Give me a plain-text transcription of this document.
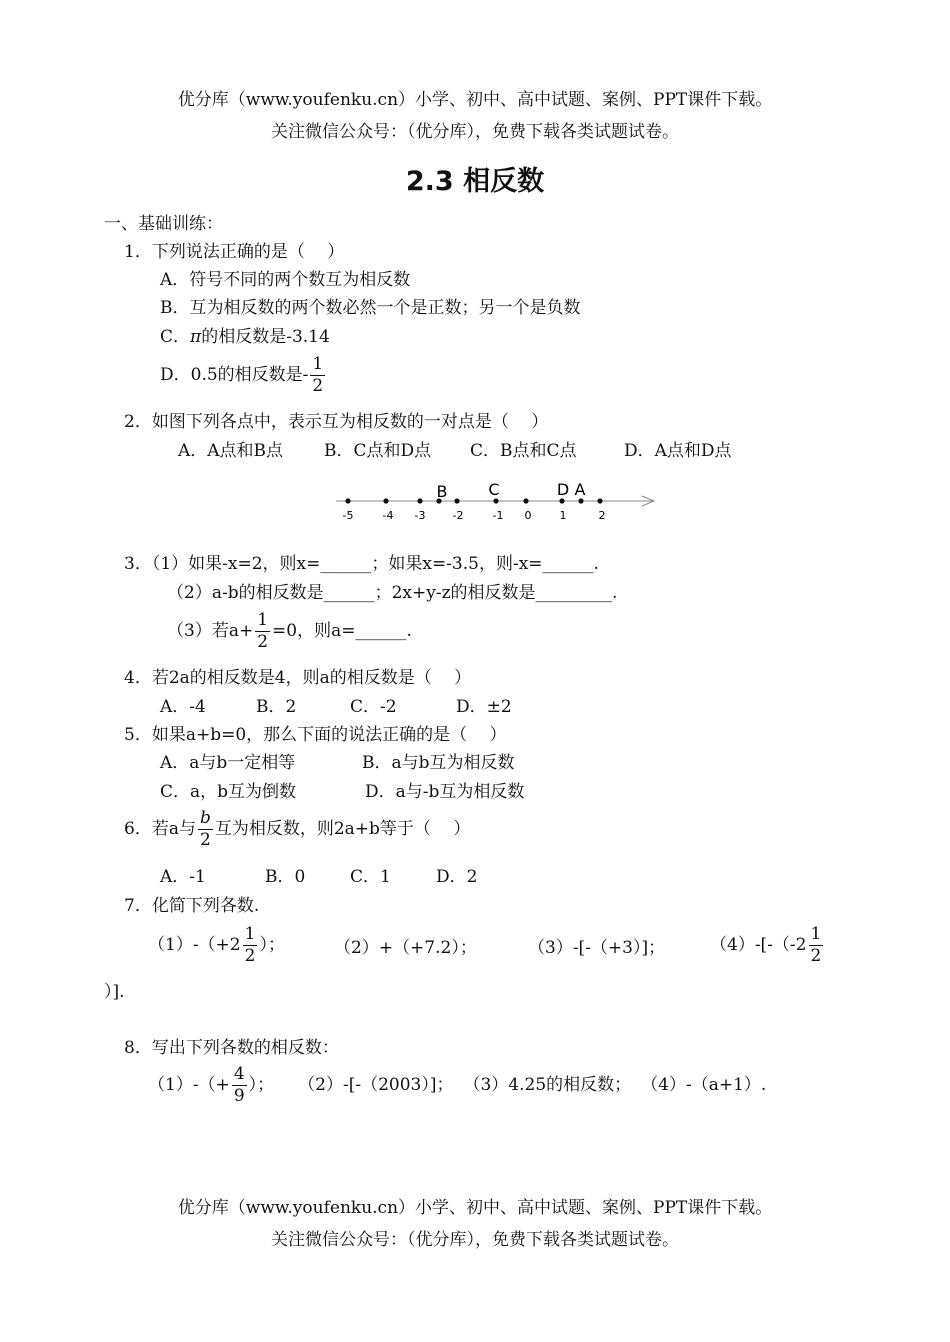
优分库（www.youfenku.cn）小学、初中、高中试题、案例、PPT课件下载。
关注微信公众号：（优分库），免费下载各类试题试卷。
2.3 相反数
一、基础训练：
1．下列说法正确的是（　 ）
A．符号不同的两个数互为相反数
B．互为相反数的两个数必然一个是正数；另一个是负数
C．π的相反数是-3.14
D．0.5的相反数是- $\frac{1}{2}$
2．如图下列各点中，表示互为相反数的一对点是（　 ）
A．A点和B点 B．C点和D点 C．B点和C点	D．A点和D点
B	C	D A
-5	-4 -3 -2	-1 0	1	2
3．（1）如果-x=2，则x=______；如果x=-3.5，则-x=______.
（2）a-b的相反数是______；2x+y-z的相反数是_________.
（3）若$a+ \frac{1}{2} =0$，则a=______.
4．若2a的相反数是4，则a的相反数是（　 ）
A．-4	B．2	C．-2	D．±2
5．如果a+b=0，那么下面的说法正确的是（　 ）
A．a与b一定相等	B．a与b互为相反数
C．a，b互为倒数	D．a与-b互为相反数
6．若a与 $\frac{b}{2}$ 互为相反数，则2a+b等于（　 ）
A．-1	B．0	C．1	D．2
7．化简下列各数.
$(1)-(+2 \frac{1}{2}$ ）；	（2）+（+7.2）；	（3）-[-（+3）]；	$(4)-[-(-2 \frac{1}{2}$
）].
8．写出下列各数的相反数：
$(1)-(+ \frac{4}{9}$ ）； （2）-[-（2003）]； （3）4.25的相反数； （4）-（a+1）.
优分库（www.youfenku.cn）小学、初中、高中试题、案例、PPT课件下载。
关注微信公众号：（优分库），免费下载各类试题试卷。
